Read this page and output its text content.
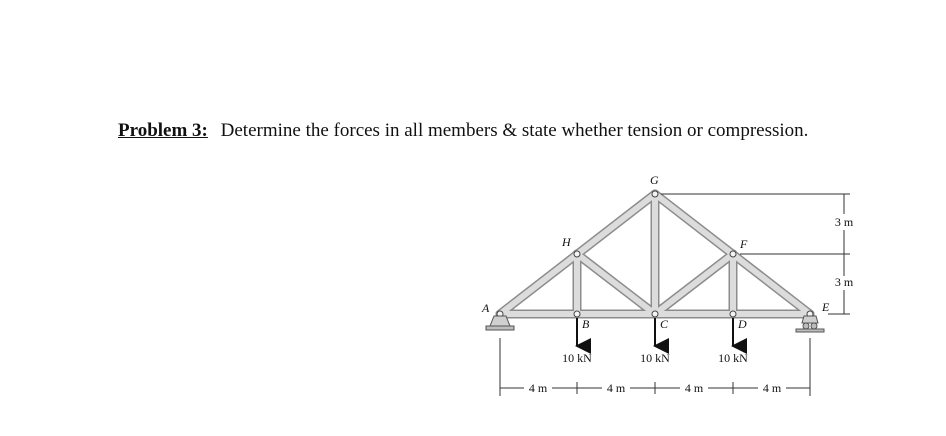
Problem 3: Determine the forces in all members & state whether tension or compression.
A
B	C	D
E
F
G
H
10 kN	10 kN	10 kN
4 m	4 m	4 m	4 m
3 m
3 m
